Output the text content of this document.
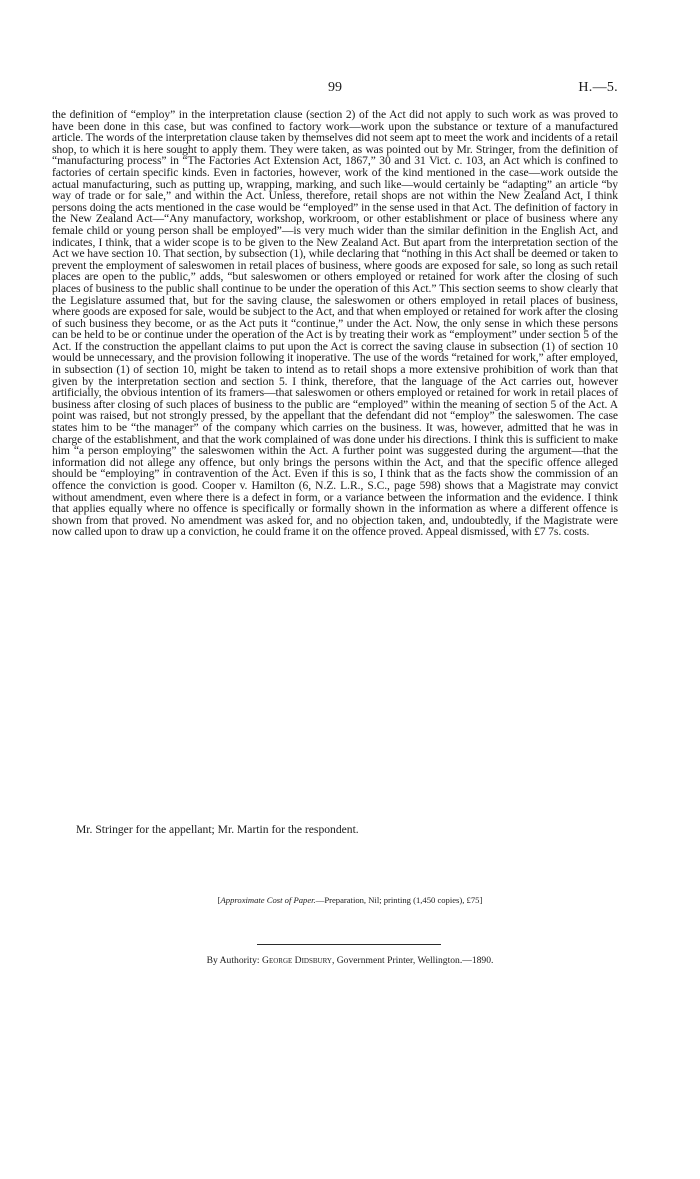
99	H.—5.

the definition of “employ” in the interpretation clause (section 2) of the Act did not apply to such work as was proved to have been done in this case, but was confined to factory work—work upon the substance or texture of a manufactured article. The words of the interpretation clause taken by themselves did not seem apt to meet the work and incidents of a retail shop, to which it is here sought to apply them. They were taken, as was pointed out by Mr. Stringer, from the definition of “manufacturing process” in “The Factories Act Extension Act, 1867,” 30 and 31 Vict. c. 103, an Act which is confined to factories of certain specific kinds. Even in factories, however, work of the kind mentioned in the case—work outside the actual manufacturing, such as putting up, wrapping, marking, and such like—would certainly be “adapting” an article “by way of trade or for sale,” and within the Act. Unless, therefore, retail shops are not within the New Zealand Act, I think persons doing the acts mentioned in the case would be “employed” in the sense used in that Act. The definition of factory in the New Zealand Act—“Any manufactory, workshop, workroom, or other establishment or place of business where any female child or young person shall be employed”—is very much wider than the similar definition in the English Act, and indicates, I think, that a wider scope is to be given to the New Zealand Act. But apart from the interpretation section of the Act we have section 10. That section, by subsection (1), while declaring that “nothing in this Act shall be deemed or taken to prevent the employment of saleswomen in retail places of business, where goods are exposed for sale, so long as such retail places are open to the public,” adds, “but saleswomen or others employed or retained for work after the closing of such places of business to the public shall continue to be under the operation of this Act.” This section seems to show clearly that the Legislature assumed that, but for the saving clause, the saleswomen or others employed in retail places of business, where goods are exposed for sale, would be subject to the Act, and that when employed or retained for work after the closing of such business they become, or as the Act puts it “continue,” under the Act. Now, the only sense in which these persons can be held to be or continue under the operation of the Act is by treating their work as “employment” under section 5 of the Act. If the construction the appellant claims to put upon the Act is correct the saving clause in subsection (1) of section 10 would be unnecessary, and the provision following it inoperative. The use of the words “retained for work,” after employed, in subsection (1) of section 10, might be taken to intend as to retail shops a more extensive prohibition of work than that given by the interpretation section and section 5. I think, therefore, that the language of the Act carries out, however artificially, the obvious intention of its framers—that saleswomen or others employed or retained for work in retail places of business after closing of such places of business to the public are “employed” within the meaning of section 5 of the Act. A point was raised, but not strongly pressed, by the appellant that the defendant did not “employ” the saleswomen. The case states him to be “the manager” of the company which carries on the business. It was, however, admitted that he was in charge of the establishment, and that the work complained of was done under his directions. I think this is sufficient to make him “a person employing” the saleswomen within the Act. A further point was suggested during the argument—that the information did not allege any offence, but only brings the persons within the Act, and that the specific offence alleged should be “employing” in contravention of the Act. Even if this is so, I think that as the facts show the commission of an offence the conviction is good. Cooper v. Hamilton (6, N.Z. L.R., S.C., page 598) shows that a Magistrate may convict without amendment, even where there is a defect in form, or a variance between the information and the evidence. I think that applies equally where no offence is specifically or formally shown in the information as where a different offence is shown from that proved. No amendment was asked for, and no objection taken, and, undoubtedly, if the Magistrate were now called upon to draw up a conviction, he could frame it on the offence proved. Appeal dismissed, with £7 7s. costs.

Mr. Stringer for the appellant; Mr. Martin for the respondent.
[Approximate Cost of Paper.—Preparation, Nil; printing (1,450 copies), £75]
By Authority: George Didsbury, Government Printer, Wellington.—1890.
